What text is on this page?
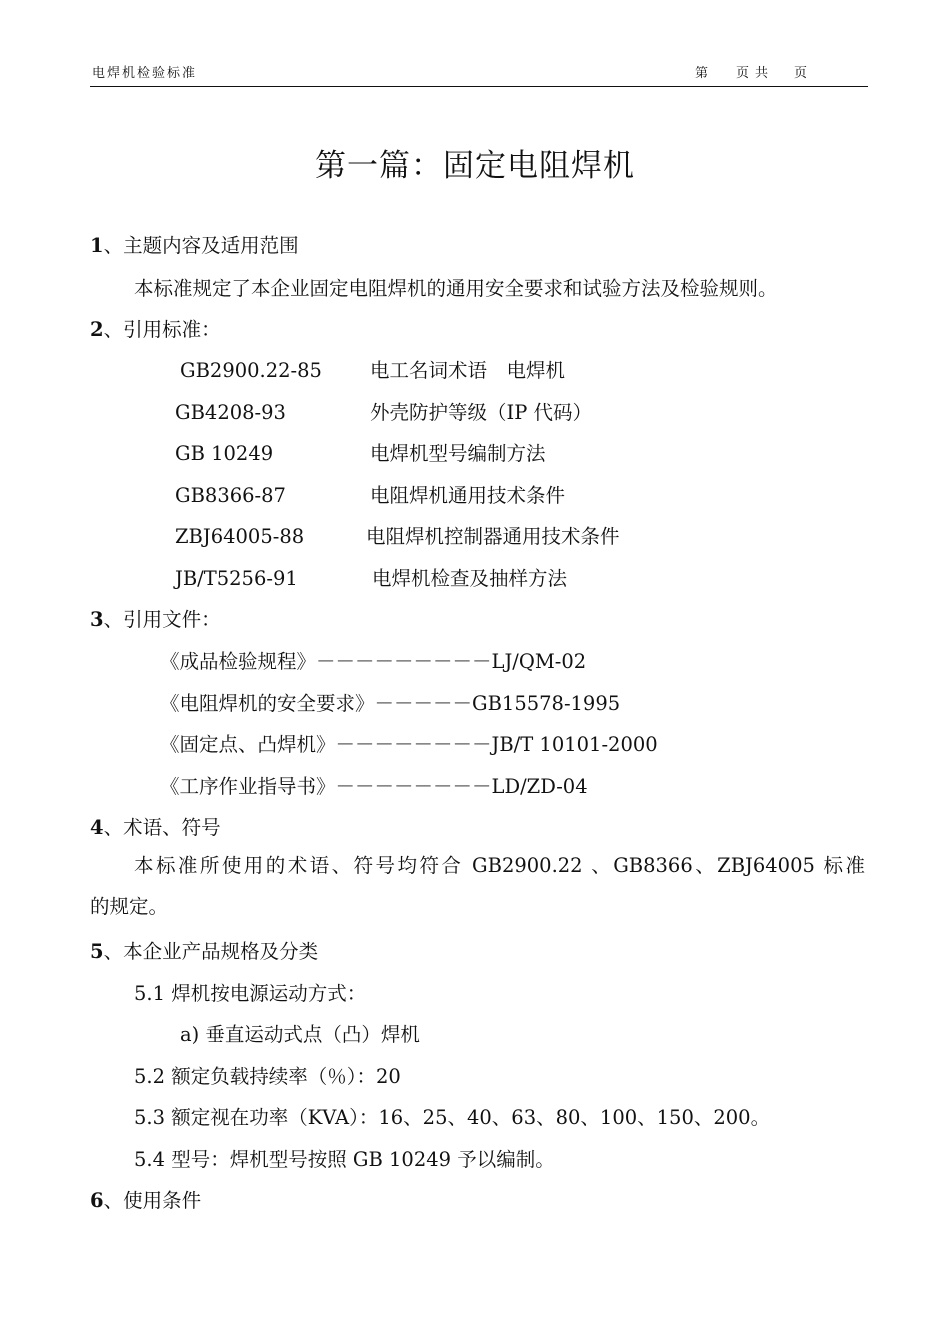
电焊机检验标准	第 页 共 页
第一篇：固定电阻焊机
1、主题内容及适用范围
本标准规定了本企业固定电阻焊机的通用安全要求和试验方法及检验规则。
2、引用标准：
GB2900.22-85 电工名词术语　电焊机
GB4208-93	外壳防护等级（IP 代码）
GB 10249	电焊机型号编制方法
GB8366-87	电阻焊机通用技术条件
ZBJ64005-88	电阻焊机控制器通用技术条件
JB/T5256-91	电焊机检查及抽样方法
3、引用文件：
《成品检验规程》－－－－－－－－－LJ/QM-02
《电阻焊机的安全要求》－－－－－GB15578-1995
《固定点、凸焊机》－－－－－－－－JB/T 10101-2000
《工序作业指导书》－－－－－－－－LD/ZD-04
4、术语、符号
本标准所使用的术语、符号均符合 GB2900.22 、GB8366、ZBJ64005 标准
的规定。
5、本企业产品规格及分类
5.1 焊机按电源运动方式：
a) 垂直运动式点（凸）焊机
5.2 额定负载持续率（％）：20
5.3 额定视在功率（KVA）：16、25、40、63、80、100、150、200。
5.4 型号：焊机型号按照 GB 10249 予以编制。
6、使用条件
